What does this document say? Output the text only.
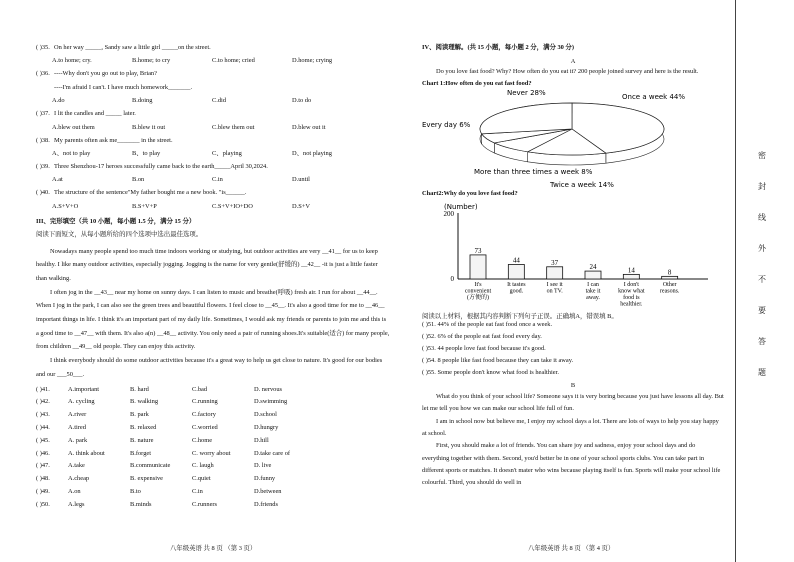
密
封
线
外
不
要
答
题
( )35. On her way _____, Sandy saw a little girl _____on the street.
A.to home; cry.	B.home; to cry	C.to home; cried	D.home; crying
( )36. ----Why don't you go out to play, Brian?
----I'm afraid I can't. I have much homework_______.
A.do	B.doing	C.did	D.to do
( )37. I lit the candles and _____ later.
A.blew out them	B.blew it out	C.blew them out	D.blew out it
( )38. My parents often ask me_______ in the street.
A、not to play	B、to play	C、playing	D、not playing
( )39. Three Shenzhou-17 heroes successfully came back to the earth_____April 30,2024.
A.at	B.on	C.in	D.until
( )40. The structure of the sentence"My father bought me a new book. "is______.
A.S+V+O	B.S+V+P	C.S+V+IO+DO	D.S+V
III、完形填空（共 10 小题，每小题 1.5 分，满分 15 分）
阅读下面短文，从每小题所给的四个选项中选出最佳选项。

Nowadays many people spend too much time indoors working or studying, but outdoor activities are very __41__ for us to keep healthy. I like many outdoor activities, especially jogging. Jogging is the name for very gentle(舒缓的) __42__ -it is just a little faster than walking.

I often jog in the __43__ near my home on sunny days. I can listen to music and breathe(呼吸) fresh air. I run for about __44__. When I jog in the park, I can also see the green trees and beautiful flowers. I feel close to __45__. It's also a good time for me to __46__ important things in life. I think it's an important part of my daily life. Sometimes, I would ask my friends or parents to join me and this is a good time to __47__ with them. It's also a(n) __48__ activity. You only need a pair of running shoes.It's suitable(适合) for many people, from children __49__ old people. They can enjoy this activity.

I think everybody should do some outdoor activities because it's a great way to help us get close to nature. It's good for our bodies and our ___50___.

( )41.	A.important	B. hard	C.bad	D. nervous
( )42.	A. cycling	B. walking	C.running	D.swimming
( )43.	A.river	B. park	C.factory	D.school
( )44.	A.tired	B. relaxed	C.worried	D.hungry
( )45.	A. park	B. nature	C.home	D.hill
( )46.	A. think about	B.forget	C. worry about	D.take care of
( )47.	A.take	B.communicate	C. laugh	D. live
( )48.	A.cheap	B. expensive	C.quiet	D.funny
( )49.	A.on	B.to	C.in	D.between
( )50.	A.legs	B.minds	C.runners	D.friends
八年级英语 共 8 页 （第 3 页）
IV、阅读理解。(共 15 小题，每小题 2 分，满分 30 分)
A

Do you love fast food? Why? How often do you eat it? 200 people joined survey and here is the result.

Chart 1:How often do you eat fast food?
Once a week 44%
Twice a week 14%
More than three times a week 8%
Every day 6%
Never 28%
Chart2:Why do you love fast food?
(Number)
200
0
73
It's convenient (方便的)
44
It tastes good.
37
I see it on TV.
24
I can take it away.
14
I don't know what food is healthier.
8
Other reasons.
阅读以上材料，根据其内容判断下列句子正误。正确填A，错误填 B。
( )51. 44% of the people eat fast food once a week.
( )52. 6% of the people eat fast food every day.
( )53. 44 people love fast food because it's good.
( )54. 8 people like fast food because they can take it away.
( )55. Some people don't know what food is healthier.
B

What do you think of your school life? Someone says it is very boring because you just have lessons all day. But let me tell you how we can make our school life full of fun.

I am in school now but believe me, I enjoy my school days a lot. There are lots of ways to help you stay happy at school.

First, you should make a lot of friends. You can share joy and sadness, enjoy your school days and do everything together with them. Second, you'd better be in one of your school sports clubs. You can take part in different sports or matches. It doesn't mater who wins because playing itself is fun. Sports will make your school life colourful. Third, you should do well in

八年级英语 共 8 页 （第 4 页）
